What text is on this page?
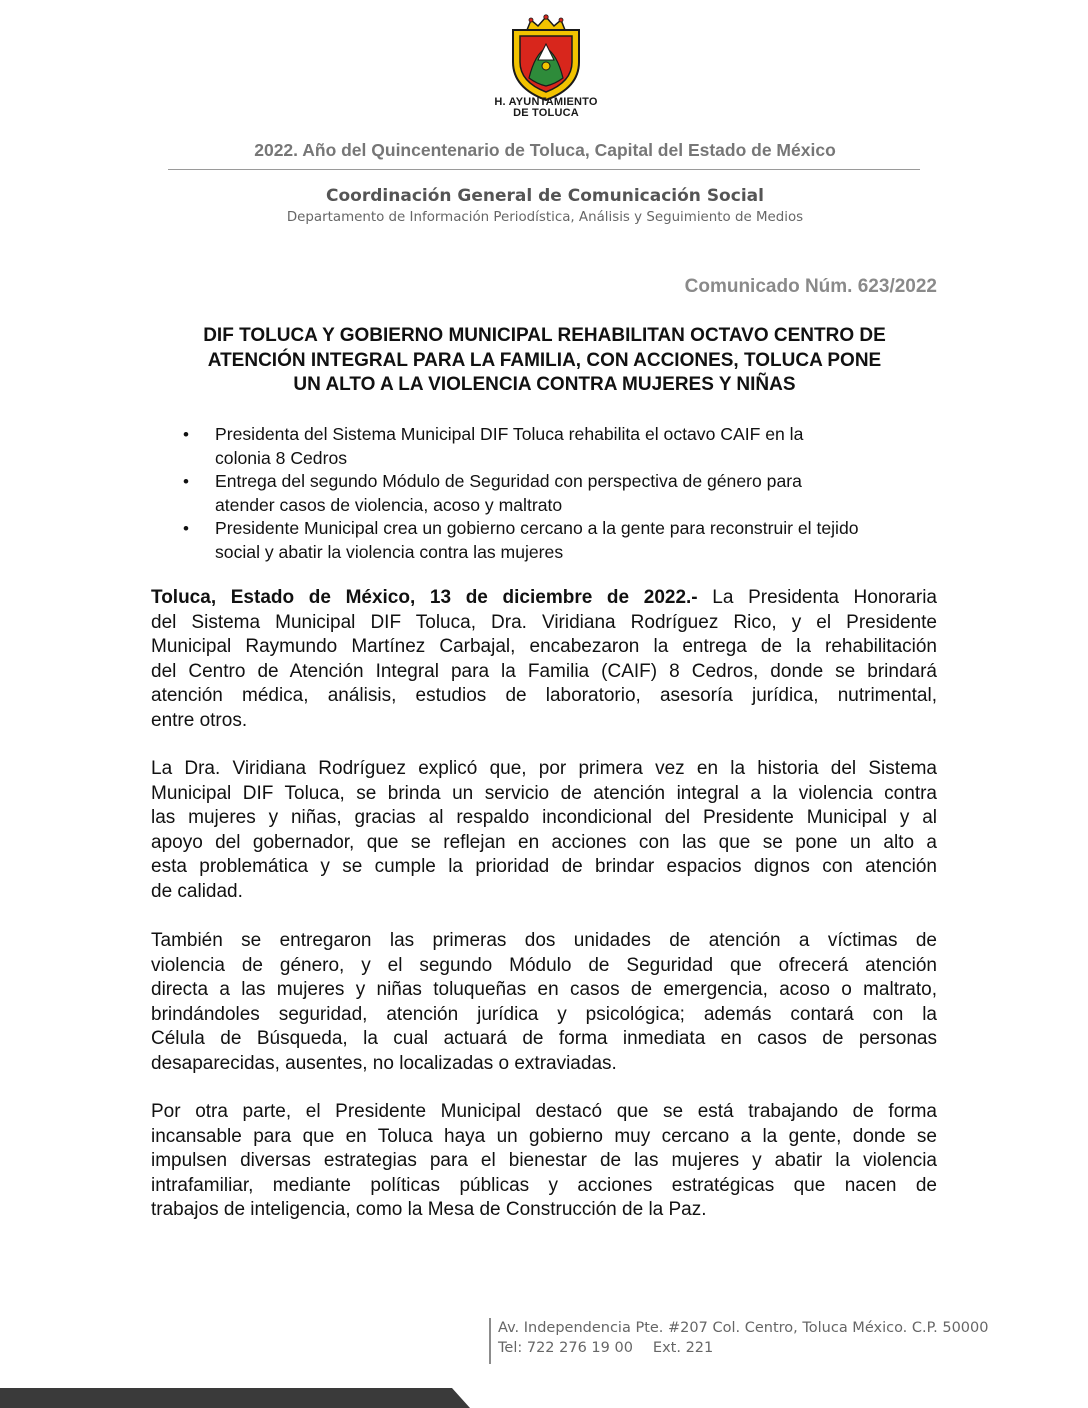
H. AYUNTAMIENTO
DE TOLUCA
2022. Año del Quincentenario de Toluca, Capital del Estado de México
Coordinación General de Comunicación Social
Departamento de Información Periodística, Análisis y Seguimiento de Medios
Comunicado Núm. 623/2022
DIF TOLUCA Y GOBIERNO MUNICIPAL REHABILITAN OCTAVO CENTRO DE
ATENCIÓN INTEGRAL PARA LA FAMILIA, CON ACCIONES, TOLUCA PONE
UN ALTO A LA VIOLENCIA CONTRA MUJERES Y NIÑAS
• Presidenta del Sistema Municipal DIF Toluca rehabilita el octavo CAIF en la
colonia 8 Cedros
• Entrega del segundo Módulo de Seguridad con perspectiva de género para
atender casos de violencia, acoso y maltrato
• Presidente Municipal crea un gobierno cercano a la gente para reconstruir el tejido
social y abatir la violencia contra las mujeres
Toluca, Estado de México, 13 de diciembre de 2022.- La Presidenta Honoraria
del Sistema Municipal DIF Toluca, Dra. Viridiana Rodríguez Rico, y el Presidente
Municipal Raymundo Martínez Carbajal, encabezaron la entrega de la rehabilitación
del Centro de Atención Integral para la Familia (CAIF) 8 Cedros, donde se brindará
atención médica, análisis, estudios de laboratorio, asesoría jurídica, nutrimental,
entre otros.
La Dra. Viridiana Rodríguez explicó que, por primera vez en la historia del Sistema
Municipal DIF Toluca, se brinda un servicio de atención integral a la violencia contra
las mujeres y niñas, gracias al respaldo incondicional del Presidente Municipal y al
apoyo del gobernador, que se reflejan en acciones con las que se pone un alto a
esta problemática y se cumple la prioridad de brindar espacios dignos con atención
de calidad.
También se entregaron las primeras dos unidades de atención a víctimas de
violencia de género, y el segundo Módulo de Seguridad que ofrecerá atención
directa a las mujeres y niñas toluqueñas en casos de emergencia, acoso o maltrato,
brindándoles seguridad, atención jurídica y psicológica; además contará con la
Célula de Búsqueda, la cual actuará de forma inmediata en casos de personas
desaparecidas, ausentes, no localizadas o extraviadas.
Por otra parte, el Presidente Municipal destacó que se está trabajando de forma
incansable para que en Toluca haya un gobierno muy cercano a la gente, donde se
impulsen diversas estrategias para el bienestar de las mujeres y abatir la violencia
intrafamiliar, mediante políticas públicas y acciones estratégicas que nacen de
trabajos de inteligencia, como la Mesa de Construcción de la Paz.
Av. Independencia Pte. #207 Col. Centro, Toluca México. C.P. 50000
Tel: 722 276 19 00 Ext. 221
